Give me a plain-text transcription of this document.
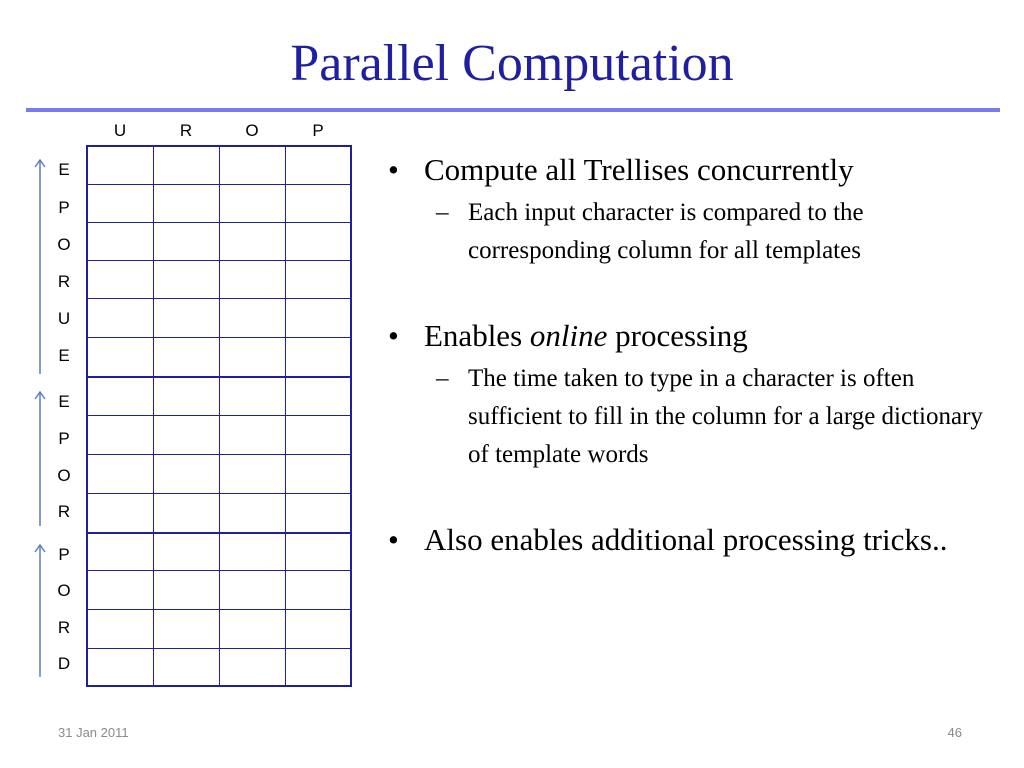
Parallel Computation
U	R	O	P
E
P
O
R
U
E
E
P
O
R
P
O
R
D
• Compute all Trellises concurrently
– Each input character is compared to the corresponding column for all templates
• Enables online processing
– The time taken to type in a character is often sufficient to fill in the column for a large dictionary of template words
• Also enables additional processing tricks..
31 Jan 2011	46
